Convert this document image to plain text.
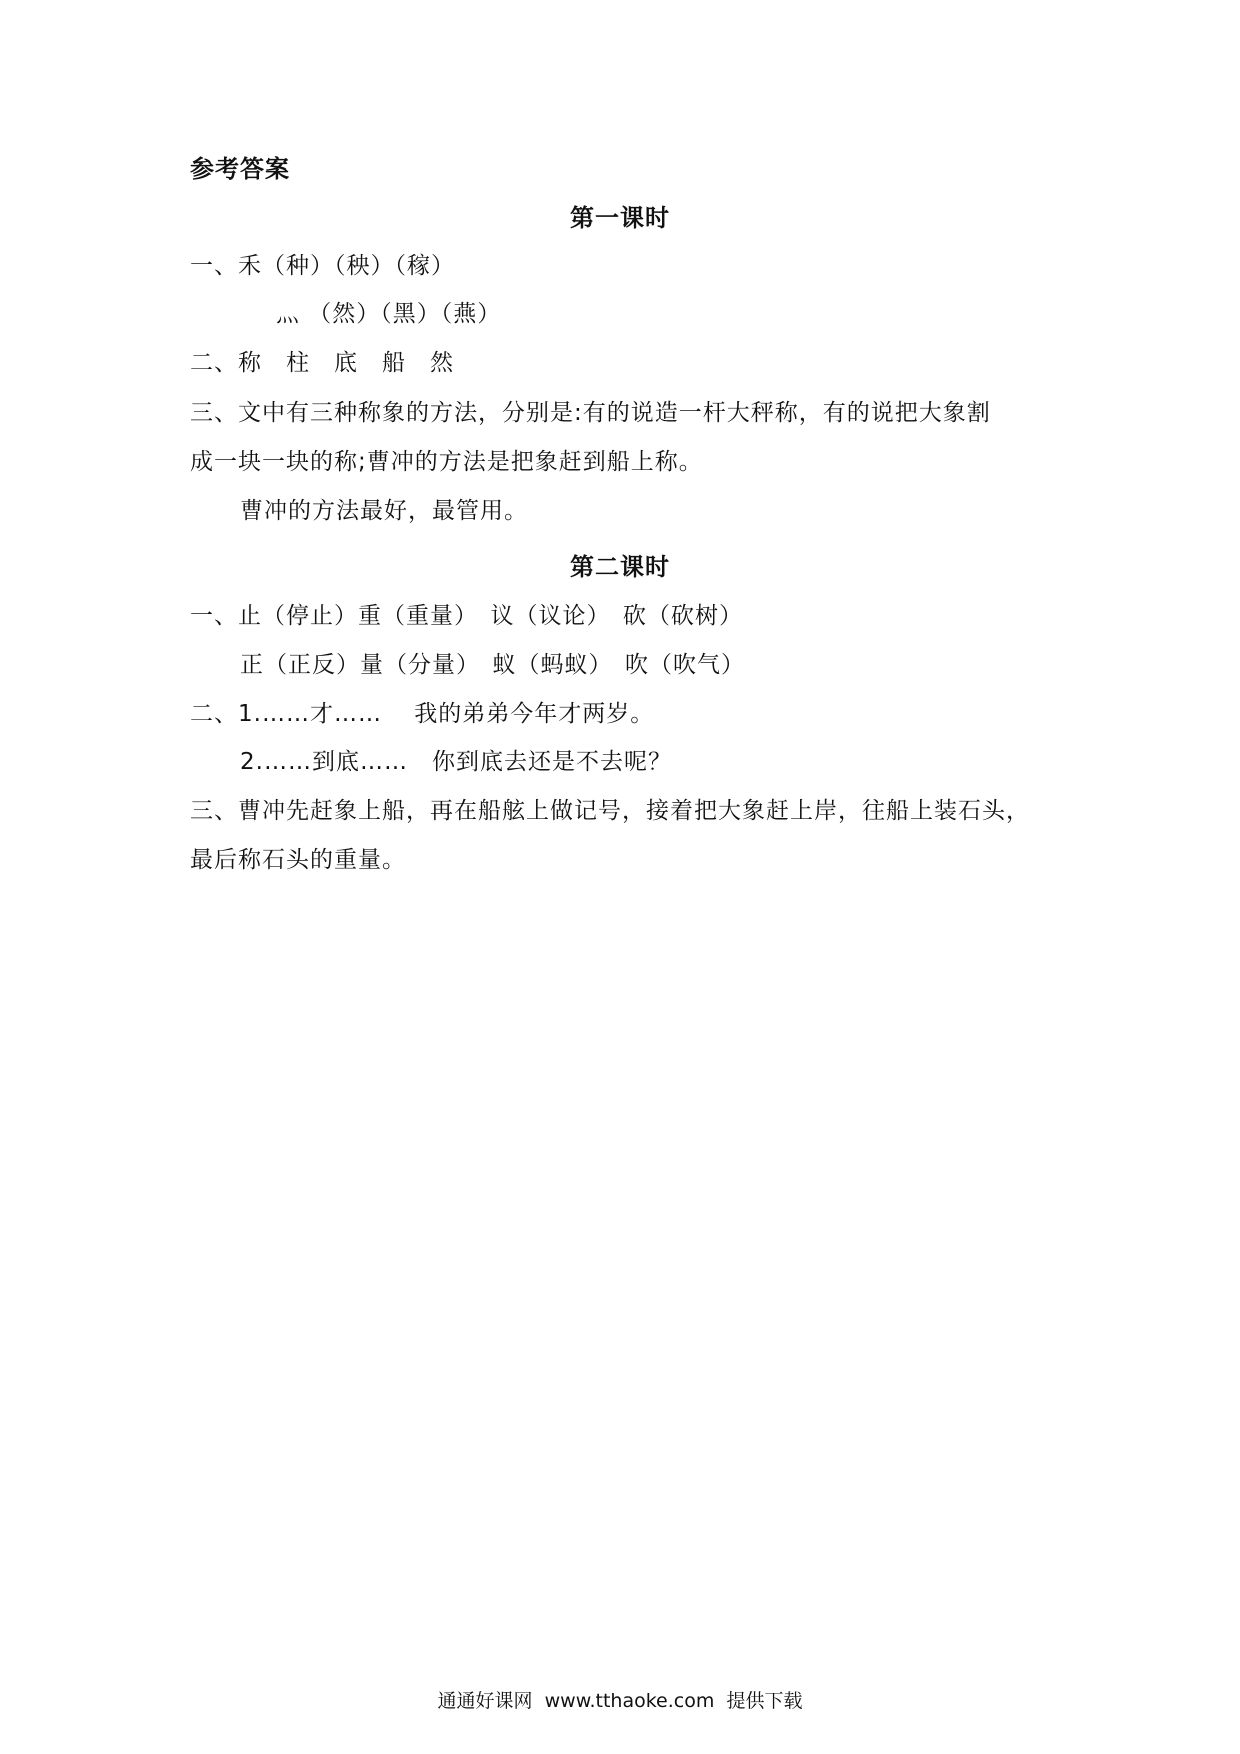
参考答案
第一课时
一、禾（种）（秧）（稼）
灬 （然）（黑）（燕）
二、称　柱　底　船　然
三、文中有三种称象的方法，分别是:有的说造一杆大秤称，有的说把大象割
成一块一块的称;曹冲的方法是把象赶到船上称。
曹冲的方法最好，最管用。
第二课时
一、止（停止）重（重量）　议（议论）　砍（砍树）
正（正反）量（分量）　蚁（蚂蚁）　吹（吹气）
二、1.……才……　 我的弟弟今年才两岁。
2.……到底……　你到底去还是不去呢？
三、曹冲先赶象上船，再在船舷上做记号，接着把大象赶上岸，往船上装石头，
最后称石头的重量。
通通好课网  www.tthaoke.com  提供下载
